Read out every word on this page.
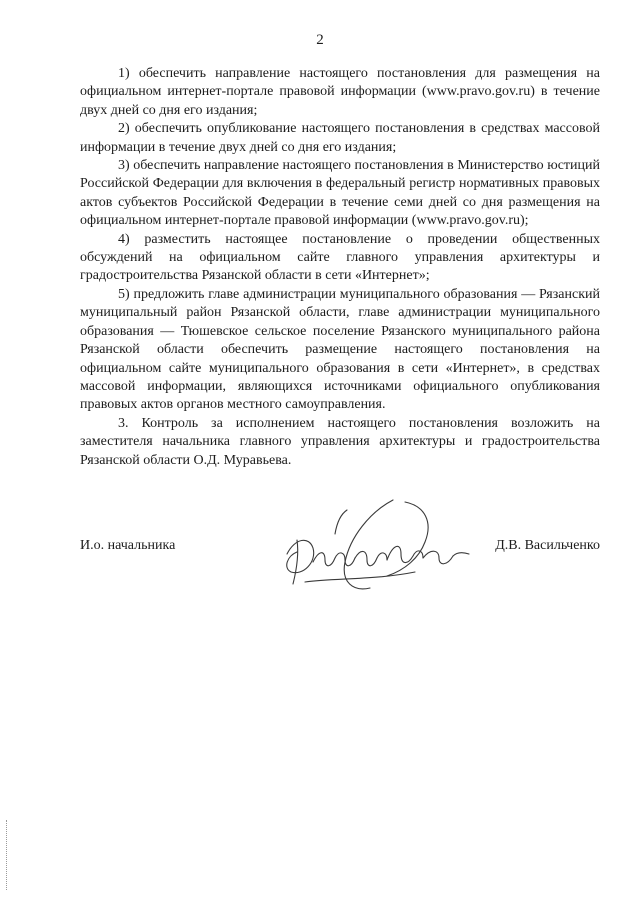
2

1) обеспечить направление настоящего постановления для размещения на официальном интернет-портале правовой информации (www.pravo.gov.ru) в течение двух дней со дня его издания;

2) обеспечить опубликование настоящего постановления в средствах массовой информации в течение двух дней со дня его издания;

3) обеспечить направление настоящего постановления в Министерство юстиций Российской Федерации для включения в федеральный регистр нормативных правовых актов субъектов Российской Федерации в течение семи дней со дня размещения на официальном интернет-портале правовой информации (www.pravo.gov.ru);

4) разместить настоящее постановление о проведении общественных обсуждений на официальном сайте главного управления архитектуры и градостроительства Рязанской области в сети «Интернет»;

5) предложить главе администрации муниципального образования — Рязанский муниципальный район Рязанской области, главе администрации муниципального образования — Тюшевское сельское поселение Рязанского муниципального района Рязанской области обеспечить размещение настоящего постановления на официальном сайте муниципального образования в сети «Интернет», в средствах массовой информации, являющихся источниками официального опубликования правовых актов органов местного самоуправления.

3. Контроль за исполнением настоящего постановления возложить на заместителя начальника главного управления архитектуры и градостроительства Рязанской области О.Д. Муравьева.

И.о. начальника	Д.В. Васильченко
